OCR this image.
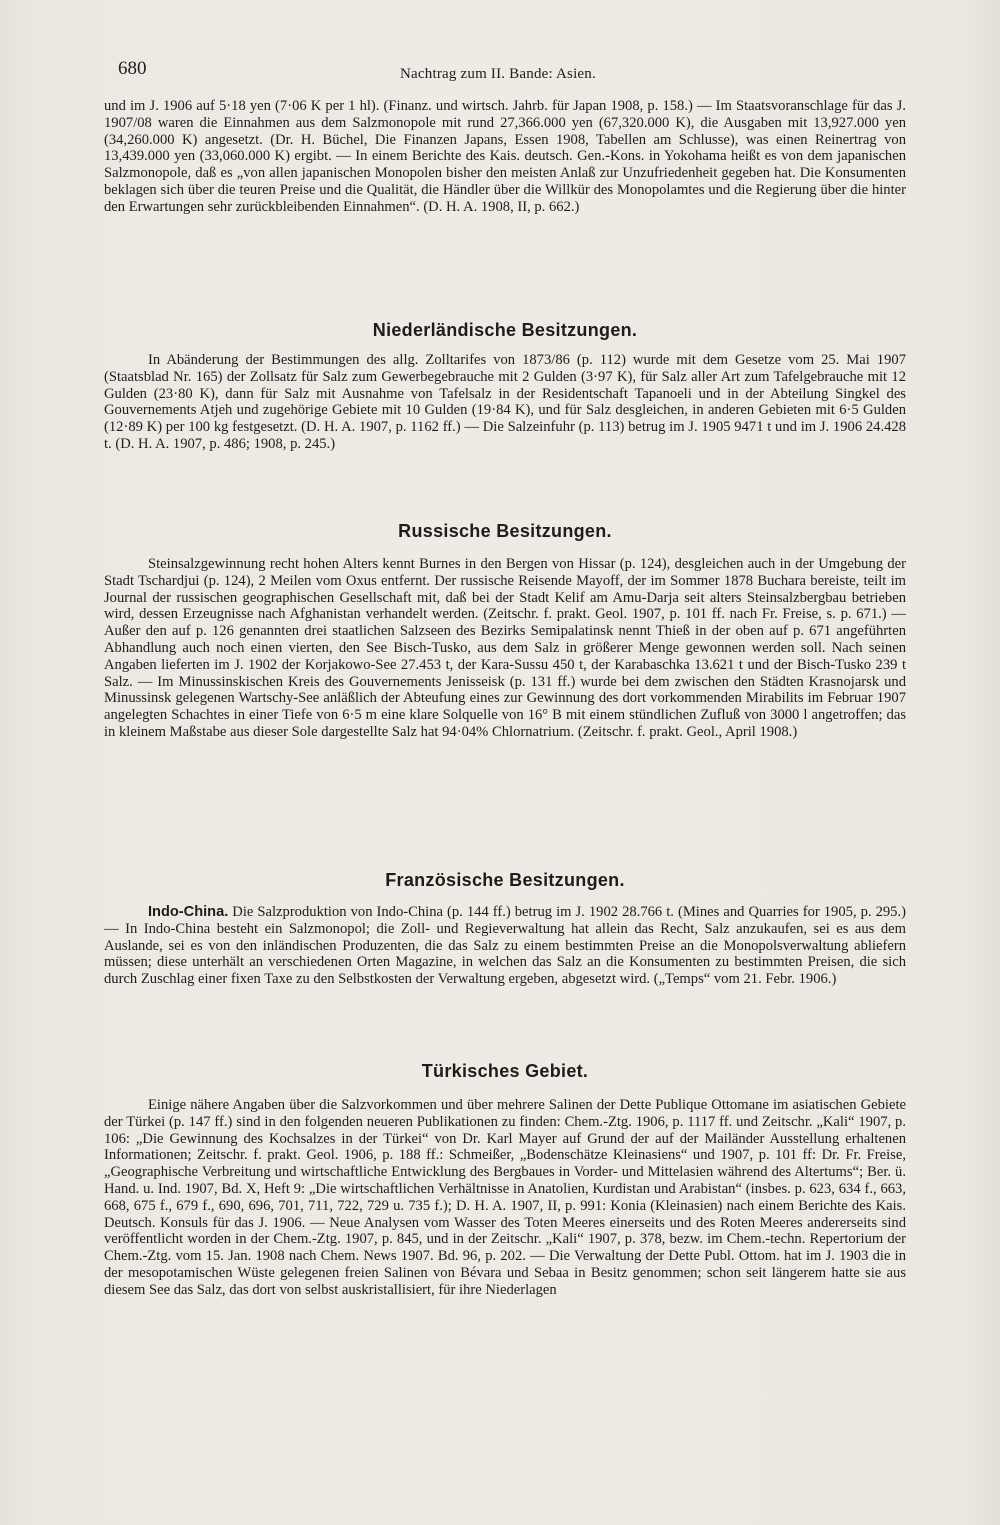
680	Nachtrag zum II. Bande: Asien.

und im J. 1906 auf 5·18 yen (7·06 K per 1 hl). (Finanz. und wirtsch. Jahrb. für Japan 1908, p. 158.) — Im Staatsvoranschlage für das J. 1907/08 waren die Einnahmen aus dem Salzmonopole mit rund 27,366.000 yen (67,320.000 K), die Ausgaben mit 13,927.000 yen (34,260.000 K) angesetzt. (Dr. H. Büchel, Die Finanzen Japans, Essen 1908, Tabellen am Schlusse), was einen Reinertrag von 13,439.000 yen (33,060.000 K) ergibt. — In einem Berichte des Kais. deutsch. Gen.-Kons. in Yokohama heißt es von dem japanischen Salzmonopole, daß es „von allen japanischen Monopolen bisher den meisten Anlaß zur Unzufriedenheit gegeben hat. Die Konsumenten beklagen sich über die teuren Preise und die Qualität, die Händler über die Willkür des Monopolamtes und die Regierung über die hinter den Erwartungen sehr zurückbleibenden Einnahmen“. (D. H. A. 1908, II, p. 662.)

Niederländische Besitzungen.

In Abänderung der Bestimmungen des allg. Zolltarifes von 1873/86 (p. 112) wurde mit dem Gesetze vom 25. Mai 1907 (Staatsblad Nr. 165) der Zollsatz für Salz zum Gewerbegebrauche mit 2 Gulden (3·97 K), für Salz aller Art zum Tafelgebrauche mit 12 Gulden (23·80 K), dann für Salz mit Ausnahme von Tafelsalz in der Residentschaft Tapanoeli und in der Abteilung Singkel des Gouvernements Atjeh und zugehörige Gebiete mit 10 Gulden (19·84 K), und für Salz desgleichen, in anderen Gebieten mit 6·5 Gulden (12·89 K) per 100 kg festgesetzt. (D. H. A. 1907, p. 1162 ff.) — Die Salzeinfuhr (p. 113) betrug im J. 1905 9471 t und im J. 1906 24.428 t. (D. H. A. 1907, p. 486; 1908, p. 245.)

Russische Besitzungen.

Steinsalzgewinnung recht hohen Alters kennt Burnes in den Bergen von Hissar (p. 124), desgleichen auch in der Umgebung der Stadt Tschardjui (p. 124), 2 Meilen vom Oxus entfernt. Der russische Reisende Mayoff, der im Sommer 1878 Buchara bereiste, teilt im Journal der russischen geographischen Gesellschaft mit, daß bei der Stadt Kelif am Amu-Darja seit alters Steinsalzbergbau betrieben wird, dessen Erzeugnisse nach Afghanistan verhandelt werden. (Zeitschr. f. prakt. Geol. 1907, p. 101 ff. nach Fr. Freise, s. p. 671.) — Außer den auf p. 126 genannten drei staatlichen Salzseen des Bezirks Semipalatinsk nennt Thieß in der oben auf p. 671 angeführten Abhandlung auch noch einen vierten, den See Bisch-Tusko, aus dem Salz in größerer Menge gewonnen werden soll. Nach seinen Angaben lieferten im J. 1902 der Korjakowo-See 27.453 t, der Kara-Sussu 450 t, der Karabaschka 13.621 t und der Bisch-Tusko 239 t Salz. — Im Minussinskischen Kreis des Gouvernements Jenisseisk (p. 131 ff.) wurde bei dem zwischen den Städten Krasnojarsk und Minussinsk gelegenen Wartschy-See anläßlich der Abteufung eines zur Gewinnung des dort vorkommenden Mirabilits im Februar 1907 angelegten Schachtes in einer Tiefe von 6·5 m eine klare Solquelle von 16° B mit einem stündlichen Zufluß von 3000 l angetroffen; das in kleinem Maßstabe aus dieser Sole dargestellte Salz hat 94·04% Chlornatrium. (Zeitschr. f. prakt. Geol., April 1908.)

Französische Besitzungen.

Indo-China. Die Salzproduktion von Indo-China (p. 144 ff.) betrug im J. 1902 28.766 t. (Mines and Quarries for 1905, p. 295.) — In Indo-China besteht ein Salzmonopol; die Zoll- und Regieverwaltung hat allein das Recht, Salz anzukaufen, sei es aus dem Auslande, sei es von den inländischen Produzenten, die das Salz zu einem bestimmten Preise an die Monopolsverwaltung abliefern müssen; diese unterhält an verschiedenen Orten Magazine, in welchen das Salz an die Konsumenten zu bestimmten Preisen, die sich durch Zuschlag einer fixen Taxe zu den Selbstkosten der Verwaltung ergeben, abgesetzt wird. („Temps“ vom 21. Febr. 1906.)

Türkisches Gebiet.

Einige nähere Angaben über die Salzvorkommen und über mehrere Salinen der Dette Publique Ottomane im asiatischen Gebiete der Türkei (p. 147 ff.) sind in den folgenden neueren Publikationen zu finden: Chem.-Ztg. 1906, p. 1117 ff. und Zeitschr. „Kali“ 1907, p. 106: „Die Gewinnung des Kochsalzes in der Türkei“ von Dr. Karl Mayer auf Grund der auf der Mailänder Ausstellung erhaltenen Informationen; Zeitschr. f. prakt. Geol. 1906, p. 188 ff.: Schmeißer, „Bodenschätze Kleinasiens“ und 1907, p. 101 ff: Dr. Fr. Freise, „Geographische Verbreitung und wirtschaftliche Entwicklung des Bergbaues in Vorder- und Mittelasien während des Altertums“; Ber. ü. Hand. u. Ind. 1907, Bd. X, Heft 9: „Die wirtschaftlichen Verhältnisse in Anatolien, Kurdistan und Arabistan“ (insbes. p. 623, 634 f., 663, 668, 675 f., 679 f., 690, 696, 701, 711, 722, 729 u. 735 f.); D. H. A. 1907, II, p. 991: Konia (Kleinasien) nach einem Berichte des Kais. Deutsch. Konsuls für das J. 1906. — Neue Analysen vom Wasser des Toten Meeres einerseits und des Roten Meeres andererseits sind veröffentlicht worden in der Chem.-Ztg. 1907, p. 845, und in der Zeitschr. „Kali“ 1907, p. 378, bezw. im Chem.-techn. Repertorium der Chem.-Ztg. vom 15. Jan. 1908 nach Chem. News 1907. Bd. 96, p. 202. — Die Verwaltung der Dette Publ. Ottom. hat im J. 1903 die in der mesopotamischen Wüste gelegenen freien Salinen von Bévara und Sebaa in Besitz genommen; schon seit längerem hatte sie aus diesem See das Salz, das dort von selbst auskristallisiert, für ihre Niederlagen
